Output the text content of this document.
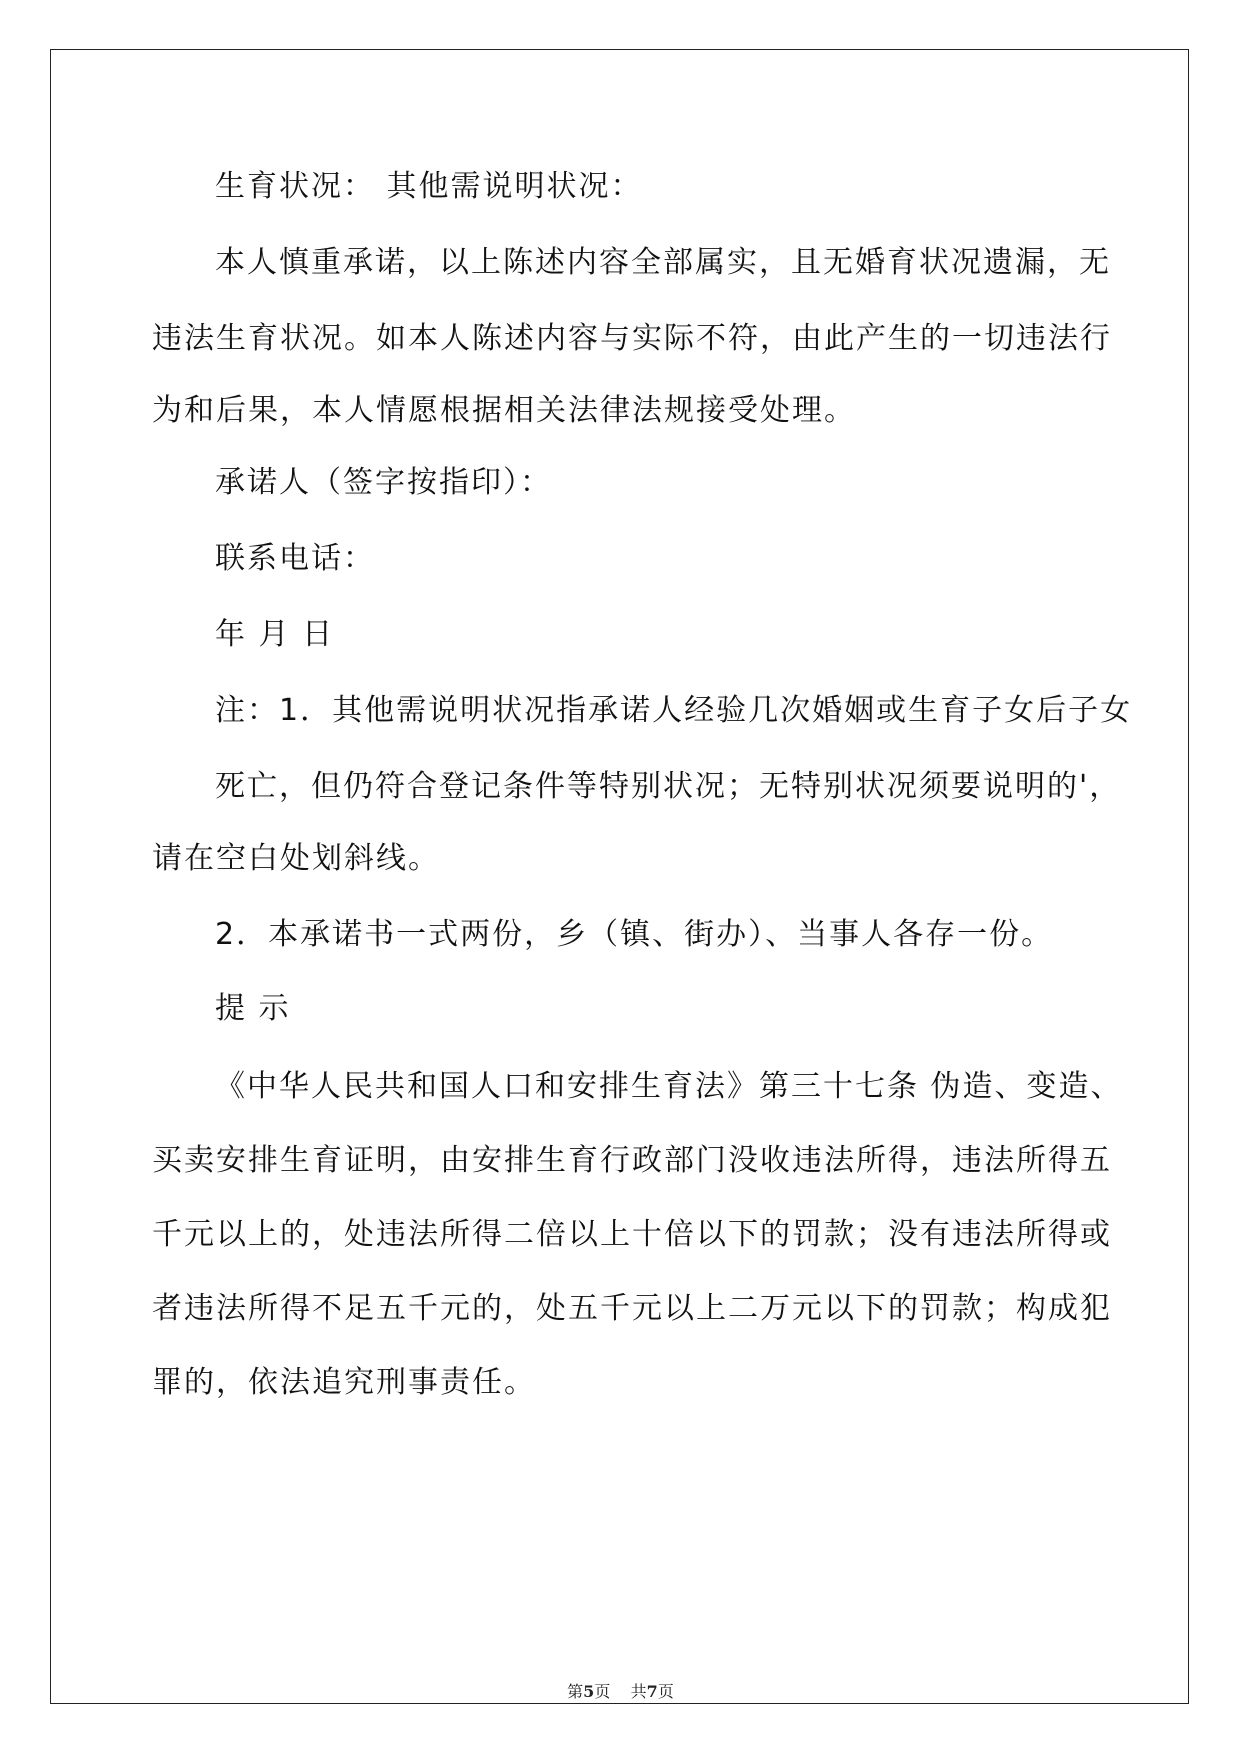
生育状况： 其他需说明状况：

本人慎重承诺，以上陈述内容全部属实，且无婚育状况遗漏，无

违法生育状况。如本人陈述内容与实际不符，由此产生的一切违法行

为和后果，本人情愿根据相关法律法规接受处理。

承诺人（签字按指印）：

联系电话：

年 月 日

注：1．其他需说明状况指承诺人经验几次婚姻或生育子女后子女

死亡，但仍符合登记条件等特别状况；无特别状况须要说明的'，

请在空白处划斜线。

2．本承诺书一式两份，乡（镇、街办）、当事人各存一份。

提 示

《中华人民共和国人口和安排生育法》第三十七条 伪造、变造、

买卖安排生育证明，由安排生育行政部门没收违法所得，违法所得五

千元以上的，处违法所得二倍以上十倍以下的罚款；没有违法所得或

者违法所得不足五千元的，处五千元以上二万元以下的罚款；构成犯

罪的，依法追究刑事责任。

第5页    共7页
